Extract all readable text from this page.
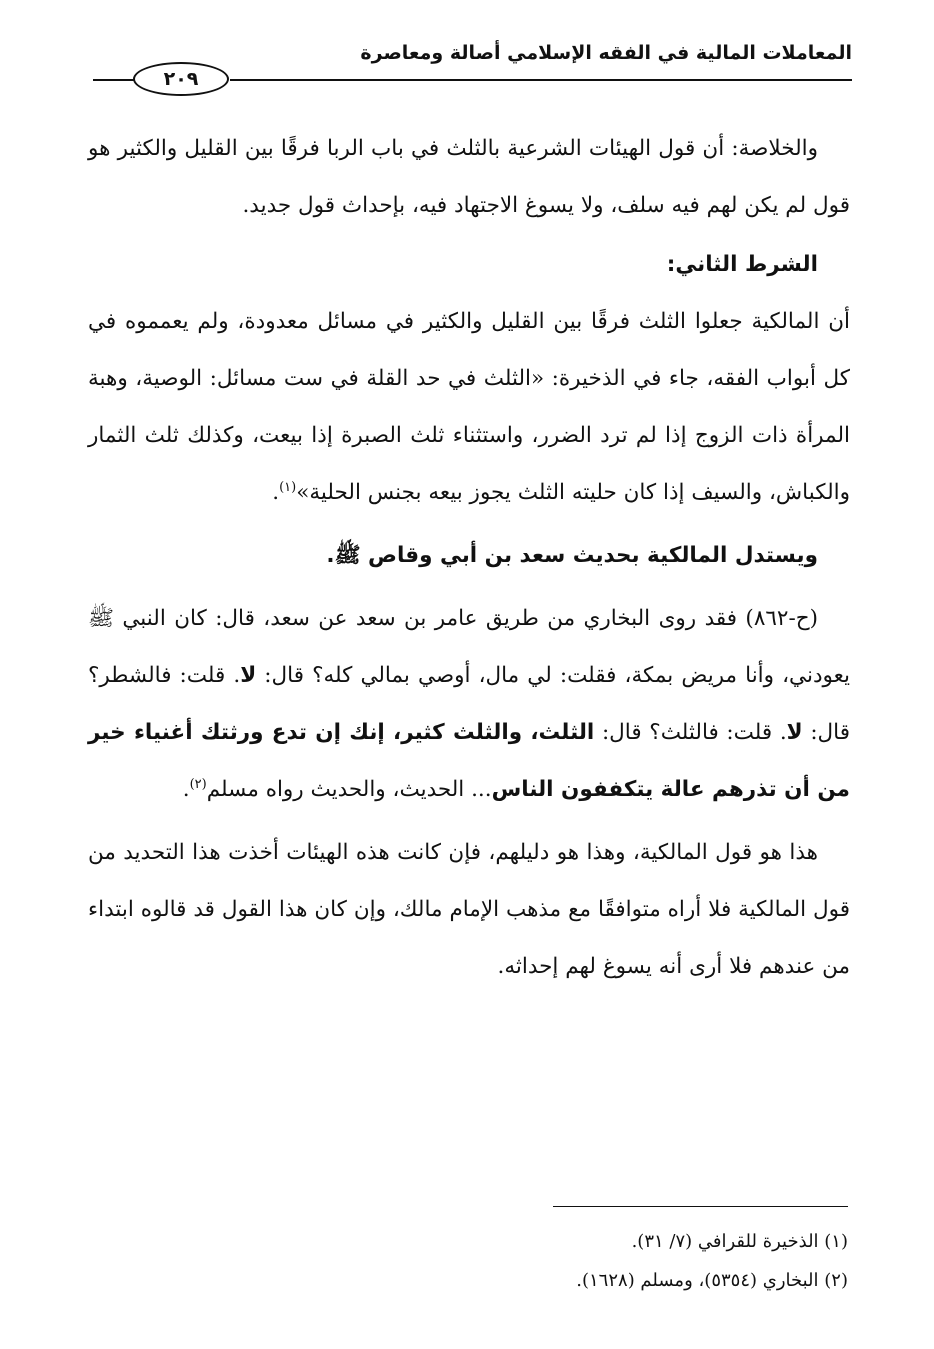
المعاملات المالية في الفقه الإسلامي أصالة ومعاصرة
٢٠٩

والخلاصة: أن قول الهيئات الشرعية بالثلث في باب الربا فرقًا بين القليل والكثير هو قول لم يكن لهم فيه سلف، ولا يسوغ الاجتهاد فيه، بإحداث قول جديد.

الشرط الثاني:

أن المالكية جعلوا الثلث فرقًا بين القليل والكثير في مسائل معدودة، ولم يعمموه في كل أبواب الفقه، جاء في الذخيرة: «الثلث في حد القلة في ست مسائل: الوصية، وهبة المرأة ذات الزوج إذا لم ترد الضرر، واستثناء ثلث الصبرة إذا بيعت، وكذلك ثلث الثمار والكباش، والسيف إذا كان حليته الثلث يجوز بيعه بجنس الحلية»$^{(١)}$.

ويستدل المالكية بحديث سعد بن أبي وقاص ﷺ.

(ح-٨٦٢) فقد روى البخاري من طريق عامر بن سعد عن سعد، قال: كان النبي ﷺ يعودني، وأنا مريض بمكة، فقلت: لي مال، أوصي بمالي كله؟ قال: لا. قلت: فالشطر؟ قال: لا. قلت: فالثلث؟ قال: الثلث، والثلث كثير، إنك إن تدع ورثتك أغنياء خير من أن تذرهم عالة يتكففون الناس... الحديث، والحديث رواه مسلم$^{(٢)}$.

هذا هو قول المالكية، وهذا هو دليلهم، فإن كانت هذه الهيئات أخذت هذا التحديد من قول المالكية فلا أراه متوافقًا مع مذهب الإمام مالك، وإن كان هذا القول قد قالوه ابتداء من عندهم فلا أرى أنه يسوغ لهم إحداثه.

(١) الذخيرة للقرافي (٧/ ٣١).

(٢) البخاري (٥٣٥٤)، ومسلم (١٦٢٨).
